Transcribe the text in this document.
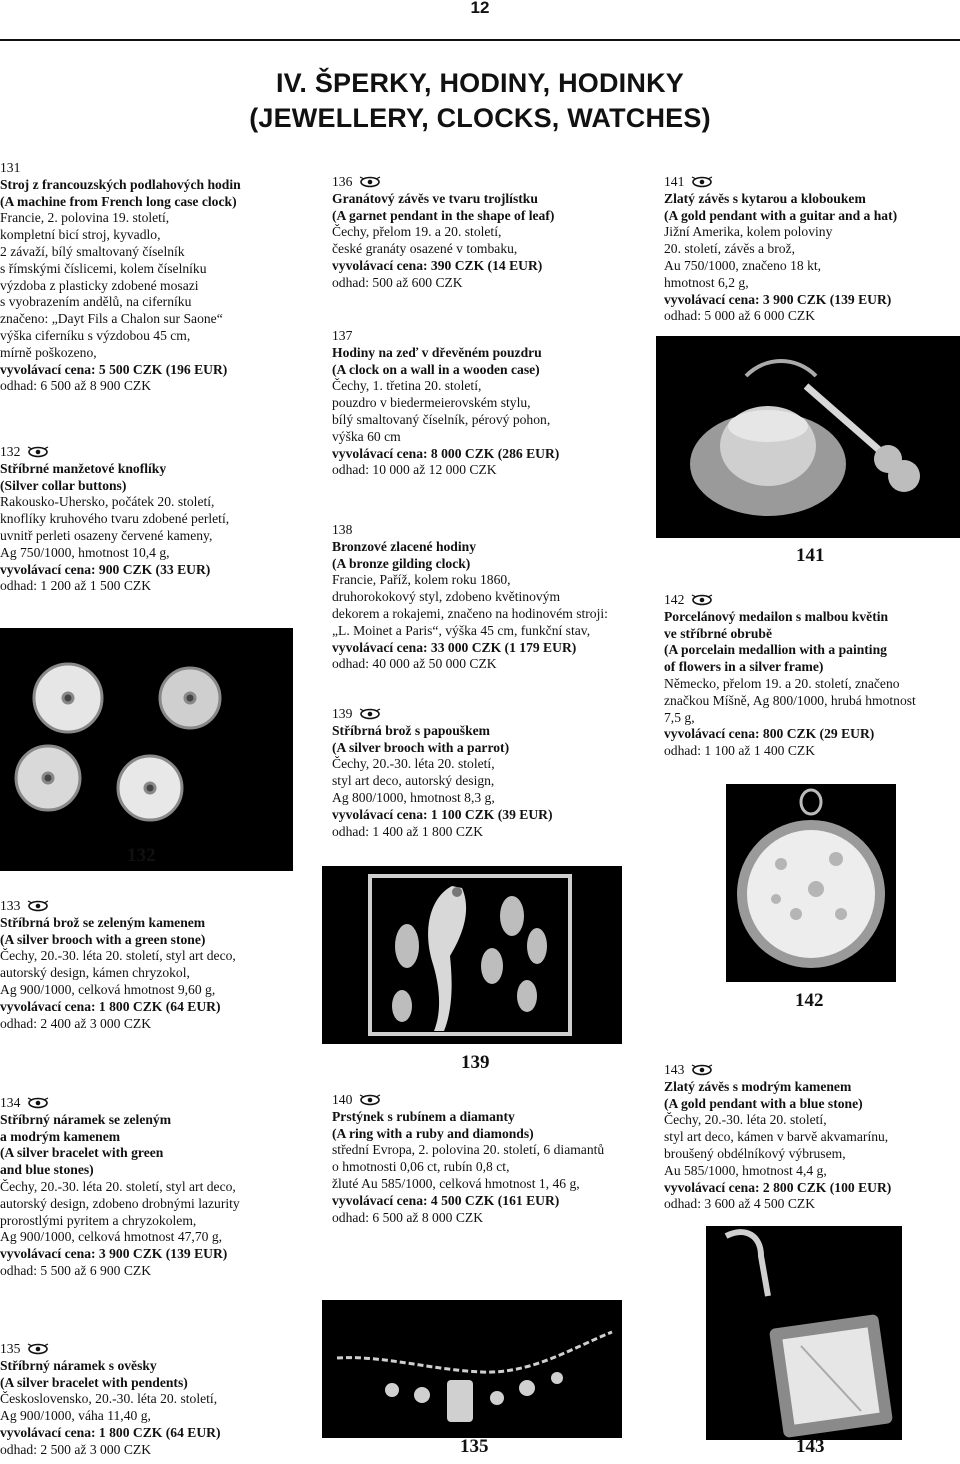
12
IV. ŠPERKY, HODINY, HODINKY
(JEWELLERY, CLOCKS, WATCHES)
131
Stroj z francouzských podlahových hodin
(A machine from French long case clock)
Francie, 2. polovina 19. století,
kompletní bicí stroj, kyvadlo,
2 závaží, bílý smaltovaný číselník
s římskými číslicemi, kolem číselníku
výzdoba z plasticky zdobené mosazi
s vyobrazením andělů, na ciferníku
značeno: „Dayt Fils a Chalon sur Saone“
výška ciferníku s výzdobou 45 cm,
mírně poškozeno,
vyvolávací cena: 5 500 CZK (196 EUR)
odhad: 6 500 až 8 900 CZK
132
Stříbrné manžetové knoflíky
(Silver collar buttons)
Rakousko-Uhersko, počátek 20. století,
knoflíky kruhového tvaru zdobené perletí,
uvnitř perleti osazeny červené kameny,
Ag 750/1000, hmotnost 10,4 g,
vyvolávací cena: 900 CZK (33 EUR)
odhad: 1 200 až 1 500 CZK
132
133
Stříbrná brož se zeleným kamenem
(A silver brooch with a green stone)
Čechy, 20.-30. léta 20. století, styl art deco,
autorský design, kámen chryzokol,
Ag 900/1000, celková hmotnost 9,60 g,
vyvolávací cena: 1 800 CZK (64 EUR)
odhad: 2 400 až 3 000 CZK
134
Stříbrný náramek se zeleným
a modrým kamenem
(A silver bracelet with green
and blue stones)
Čechy, 20.-30. léta 20. století, styl art deco,
autorský design, zdobeno drobnými lazurity
prorostlými pyritem a chryzokolem,
Ag 900/1000, celková hmotnost 47,70 g,
vyvolávací cena: 3 900 CZK (139 EUR)
odhad: 5 500 až 6 900 CZK
135
Stříbrný náramek s ověsky
(A silver bracelet with pendents)
Československo, 20.-30. léta 20. století,
Ag 900/1000, váha 11,40 g,
vyvolávací cena: 1 800 CZK (64 EUR)
odhad: 2 500 až 3 000 CZK
136
Granátový závěs ve tvaru trojlístku
(A garnet pendant in the shape of leaf)
Čechy, přelom 19. a 20. století,
české granáty osazené v tombaku,
vyvolávací cena: 390 CZK (14 EUR)
odhad: 500 až 600 CZK
137
Hodiny na zeď v dřevěném pouzdru
(A clock on a wall in a wooden case)
Čechy, 1. třetina 20. století,
pouzdro v biedermeierovském stylu,
bílý smaltovaný číselník, pérový pohon,
výška 60 cm
vyvolávací cena: 8 000 CZK (286 EUR)
odhad: 10 000 až 12 000 CZK
138
Bronzové zlacené hodiny
(A bronze gilding clock)
Francie, Paříž, kolem roku 1860,
druhorokokový styl, zdobeno květinovým
dekorem a rokajemi, značeno na hodinovém stroji:
„L. Moinet a Paris“, výška 45 cm, funkční stav,
vyvolávací cena: 33 000 CZK (1 179 EUR)
odhad: 40 000 až 50 000 CZK
139
Stříbrná brož s papouškem
(A silver brooch with a parrot)
Čechy, 20.-30. léta 20. století,
styl art deco, autorský design,
Ag 800/1000, hmotnost 8,3 g,
vyvolávací cena: 1 100 CZK (39 EUR)
odhad: 1 400 až 1 800 CZK
139
140
Prstýnek s rubínem a diamanty
(A ring with a ruby and diamonds)
střední Evropa, 2. polovina 20. století, 6 diamantů
o hmotnosti 0,06 ct, rubín 0,8 ct,
žluté Au 585/1000, celková hmotnost 1, 46 g,
vyvolávací cena: 4 500 CZK (161 EUR)
odhad: 6 500 až 8 000 CZK
135
141
Zlatý závěs s kytarou a kloboukem
(A gold pendant with a guitar and a hat)
Jižní Amerika, kolem poloviny
20. století, závěs a brož,
Au 750/1000, značeno 18 kt,
hmotnost 6,2 g,
vyvolávací cena: 3 900 CZK (139 EUR)
odhad: 5 000 až 6 000 CZK
141
142
Porcelánový medailon s malbou květin
ve stříbrné obrubě
(A porcelain medallion with a painting
of flowers in a silver frame)
Německo, přelom 19. a 20. století, značeno
značkou Míšně, Ag 800/1000, hrubá hmotnost
7,5 g,
vyvolávací cena: 800 CZK (29 EUR)
odhad: 1 100 až 1 400 CZK
142
143
Zlatý závěs s modrým kamenem
(A gold pendant with a blue stone)
Čechy, 20.-30. léta 20. století,
styl art deco, kámen v barvě akvamarínu,
broušený obdélníkový výbrusem,
Au 585/1000, hmotnost 4,4 g,
vyvolávací cena: 2 800 CZK (100 EUR)
odhad: 3 600 až 4 500 CZK
143
